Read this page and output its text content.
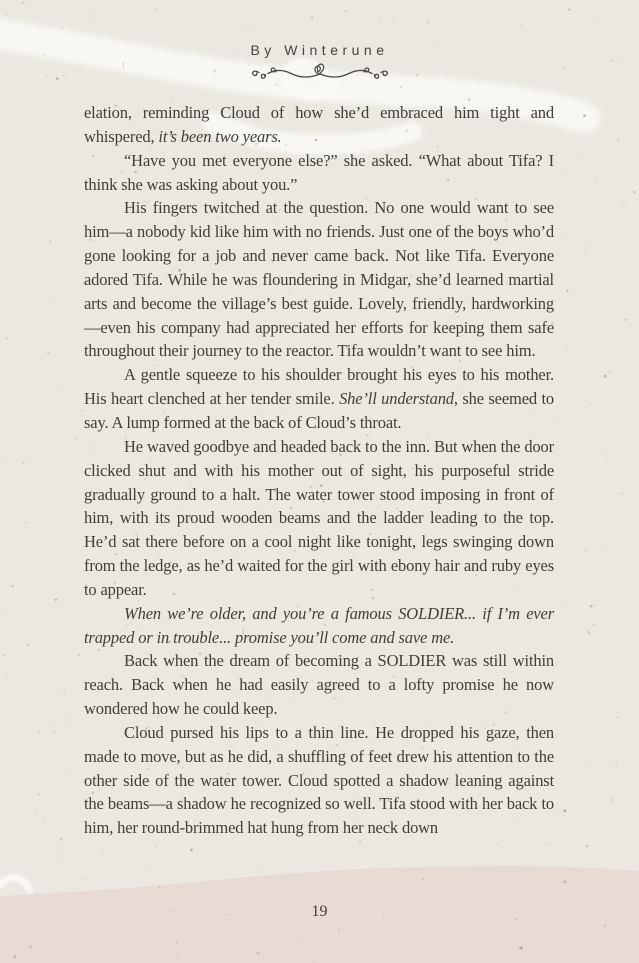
By Winterune

elation, reminding Cloud of how she’d embraced him tight and whispered, it’s been two years.

“Have you met everyone else?” she asked. “What about Tifa? I think she was asking about you.”

His fingers twitched at the question. No one would want to see him—a nobody kid like him with no friends. Just one of the boys who’d gone looking for a job and never came back. Not like Tifa. Everyone adored Tifa. While he was floundering in Midgar, she’d learned martial arts and become the village’s best guide. Lovely, friendly, hardworking—even his company had appreciated her efforts for keeping them safe throughout their journey to the reactor. Tifa wouldn’t want to see him.

A gentle squeeze to his shoulder brought his eyes to his mother. His heart clenched at her tender smile. She’ll understand, she seemed to say. A lump formed at the back of Cloud’s throat.

He waved goodbye and headed back to the inn. But when the door clicked shut and with his mother out of sight, his purposeful stride gradually ground to a halt. The water tower stood imposing in front of him, with its proud wooden beams and the ladder leading to the top. He’d sat there before on a cool night like tonight, legs swinging down from the ledge, as he’d waited for the girl with ebony hair and ruby eyes to appear.

When we’re older, and you’re a famous SOLDIER... if I’m ever trapped or in trouble... promise you’ll come and save me.

Back when the dream of becoming a SOLDIER was still within reach. Back when he had easily agreed to a lofty promise he now wondered how he could keep.

Cloud pursed his lips to a thin line. He dropped his gaze, then made to move, but as he did, a shuffling of feet drew his attention to the other side of the water tower. Cloud spotted a shadow leaning against the beams—a shadow he recognized so well. Tifa stood with her back to him, her round-brimmed hat hung from her neck down

19
